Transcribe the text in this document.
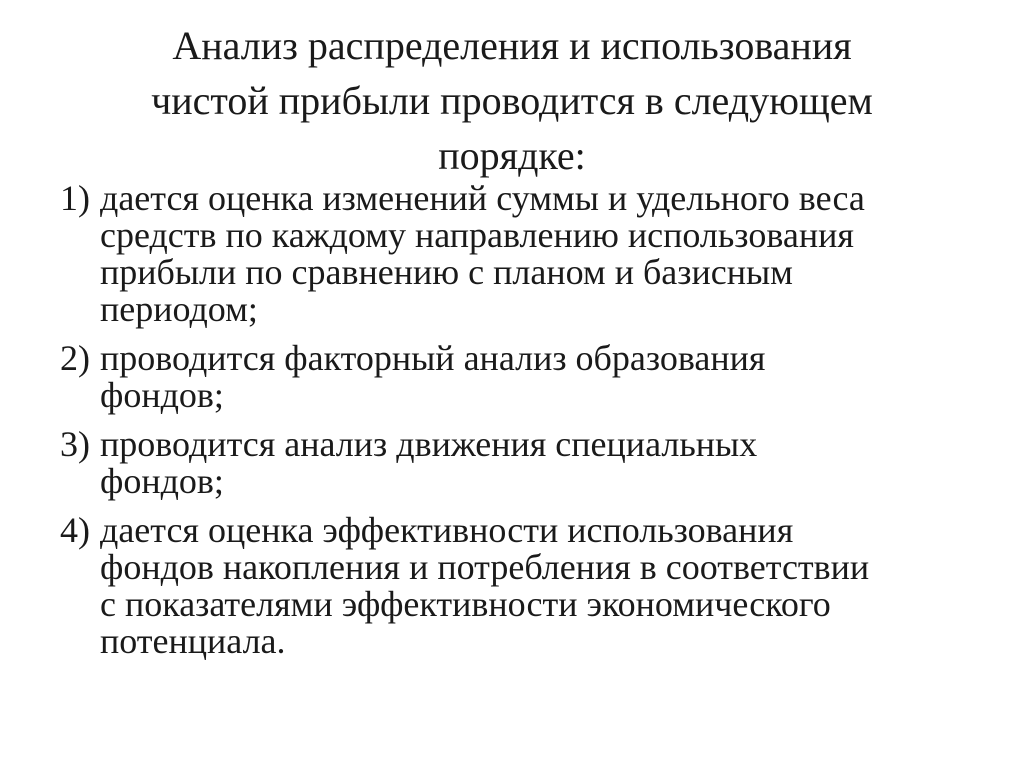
Анализ распределения и использования
чистой прибыли проводится в следующем
порядке:
1) дается оценка изменений суммы и удельного веса
средств по каждому направлению использования
прибыли по сравнению с планом и базисным
периодом;
2) проводится факторный анализ образования
фондов;
3) проводится анализ движения специальных
фондов;
4) дается оценка эффективности использования
фондов накопления и потребления в соответствии
с показателями эффективности экономического
потенциала.
